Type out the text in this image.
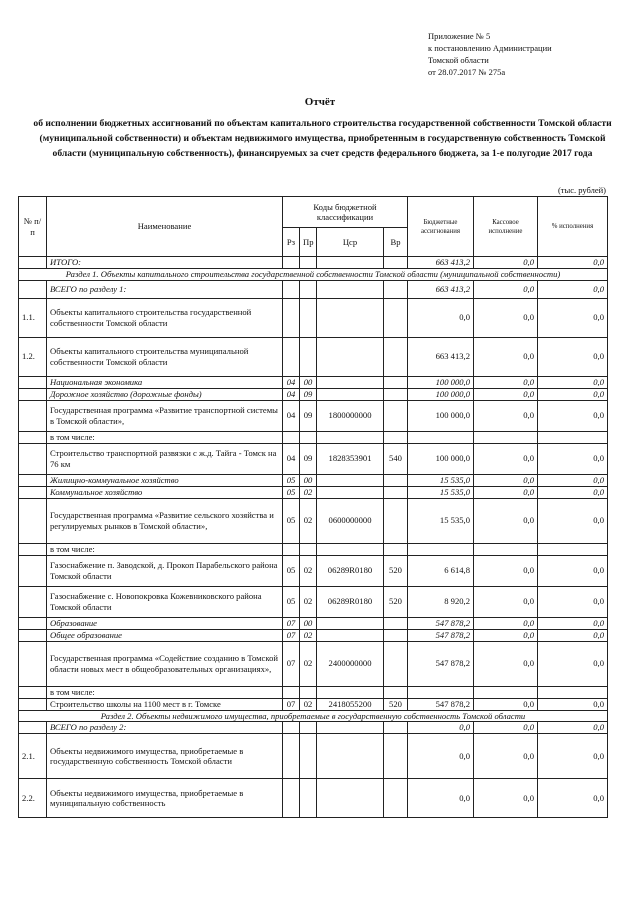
Приложение № 5
к постановлению Администрации
Томской области
от 28.07.2017 № 275а
Отчёт
об исполнении бюджетных ассигнований по объектам капитального строительства государственной собственности Томской области (муниципальной собственности) и объектам недвижимого имущества, приобретенным в государственную собственность Томской области (муниципальную собственность), финансируемых за счет средств федерального бюджета, за 1-е полугодие 2017 года
(тыс. рублей)
№ п/п	Наименование	Коды бюджетной классификации				Бюджетные ассигнования	Кассовое исполнение	% исполнения
		Рз	Пр	Цср	Вр			
	ИТОГО:					663 413,2	0,0	0,0
Раздел 1. Объекты капитального строительства государственной собственности Томской области (муниципальной собственности)								
	ВСЕГО по разделу 1:					663 413,2	0,0	0,0
1.1.	Объекты капитального строительства государственной собственности Томской области					0,0	0,0	0,0
1.2.	Объекты капитального строительства муниципальной собственности Томской области					663 413,2	0,0	0,0
	Национальная экономика	04	00			100 000,0	0,0	0,0
	Дорожное хозяйство (дорожные фонды)	04	09			100 000,0	0,0	0,0
	Государственная программа «Развитие транспортной системы в Томской области»,	04	09	1800000000		100 000,0	0,0	0,0
	в том числе:							
	Строительство транспортной развязки с ж.д. Тайга - Томск на 76 км	04	09	1828353901	540	100 000,0	0,0	0,0
	Жилищно-коммунальное хозяйство	05	00			15 535,0	0,0	0,0
	Коммунальное хозяйство	05	02			15 535,0	0,0	0,0
	Государственная программа «Развитие сельского хозяйства и регулируемых рынков в Томской области»,	05	02	0600000000		15 535,0	0,0	0,0
	в том числе:							
	Газоснабжение п. Заводской, д. Прокоп Парабельского района Томской области	05	02	06289R0180	520	6 614,8	0,0	0,0
	Газоснабжение с. Новопокровка Кожевниковского района Томской области	05	02	06289R0180	520	8 920,2	0,0	0,0
	Образование	07	00			547 878,2	0,0	0,0
	Общее образование	07	02			547 878,2	0,0	0,0
	Государственная программа «Содействие созданию в Томской области новых мест в общеобразовательных организациях»,	07	02	2400000000		547 878,2	0,0	0,0
	в том числе:							
	Строительство школы на 1100 мест в г. Томске	07	02	2418055200	520	547 878,2	0,0	0,0
Раздел 2. Объекты недвижимого имущества, приобретаемые в государственную собственность Томской области								
	ВСЕГО по разделу 2:					0,0	0,0	0,0
2.1.	Объекты недвижимого имущества, приобретаемые в государственную собственность Томской области					0,0	0,0	0,0
2.2.	Объекты недвижимого имущества, приобретаемые в муниципальную собственность					0,0	0,0	0,0
